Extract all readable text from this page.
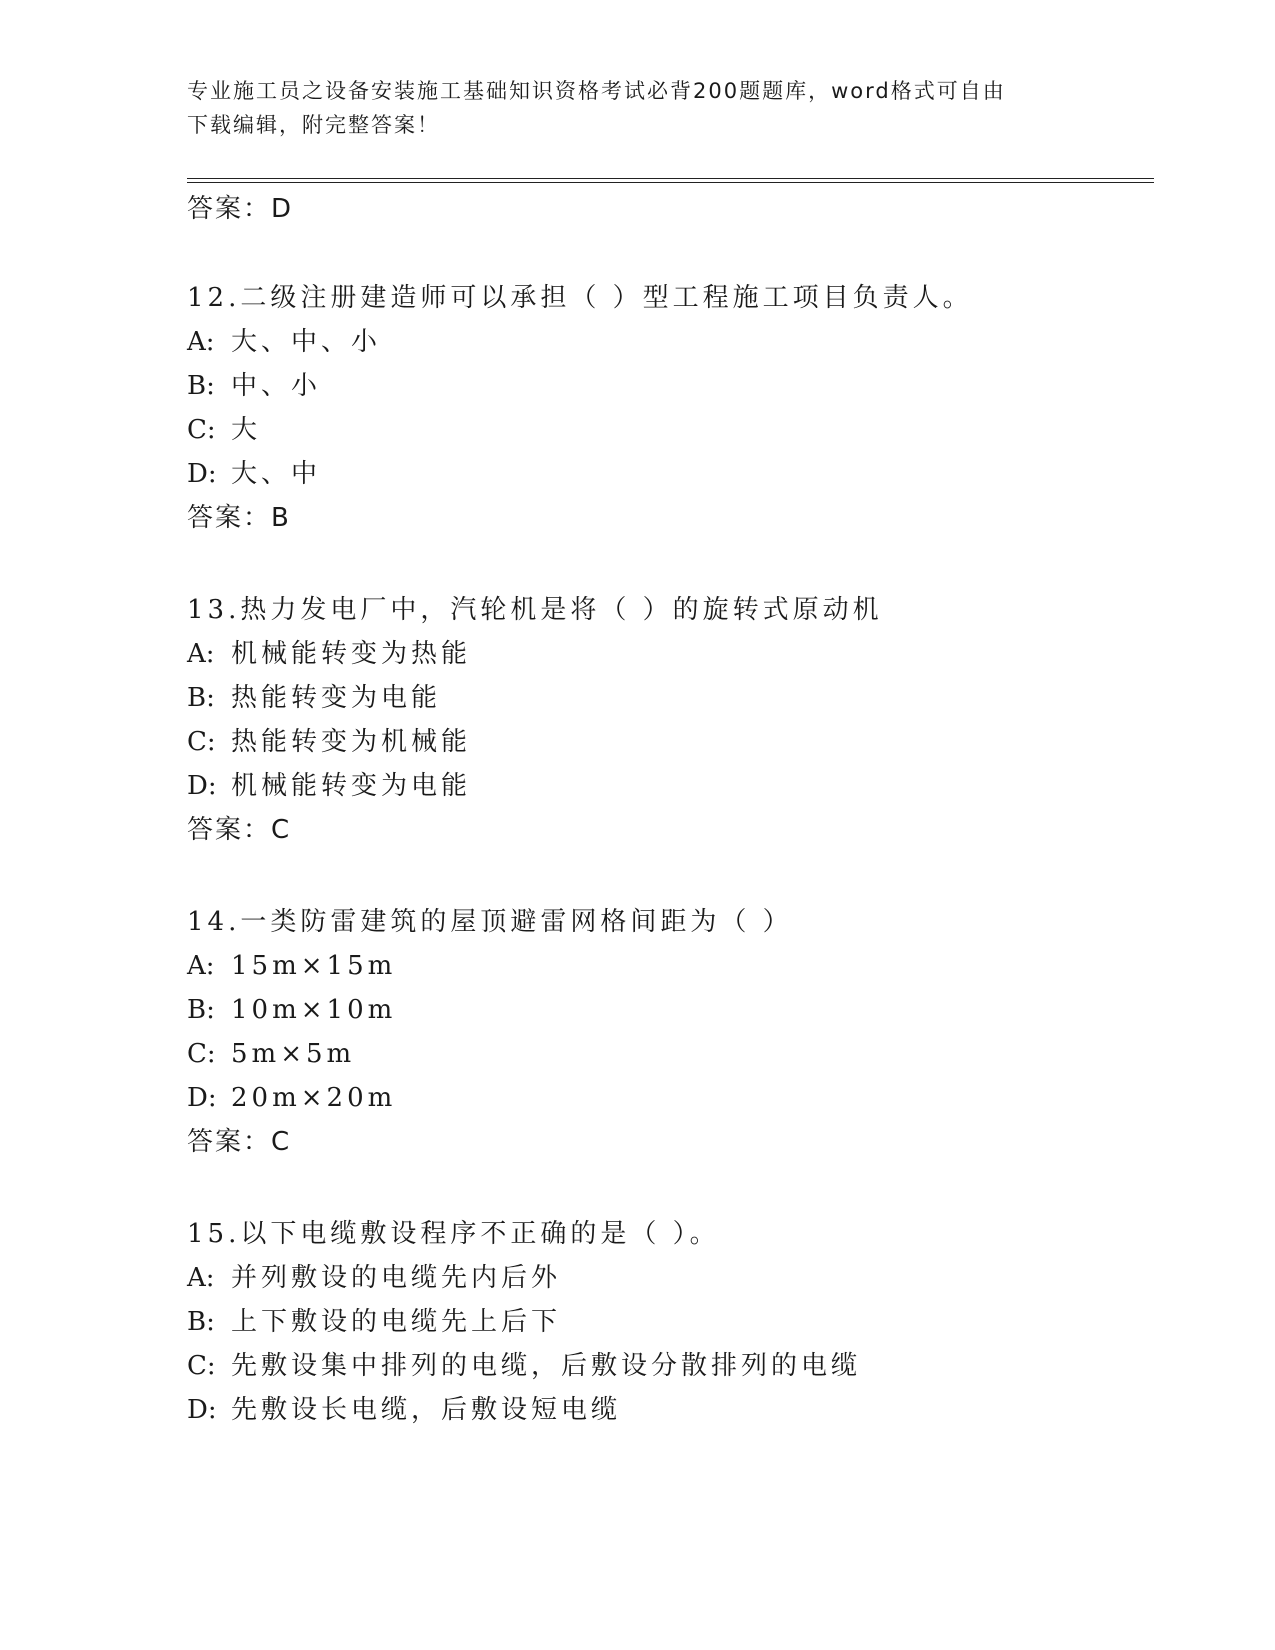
专业施工员之设备安装施工基础知识资格考试必背200题题库，word格式可自由
下载编辑，附完整答案！
答案：D
12.二级注册建造师可以承担（ ）型工程施工项目负责人。
A: 大、中、小
B: 中、小
C: 大
D: 大、中
答案：B
13.热力发电厂中，汽轮机是将（ ）的旋转式原动机
A: 机械能转变为热能
B: 热能转变为电能
C: 热能转变为机械能
D: 机械能转变为电能
答案：C
14.一类防雷建筑的屋顶避雷网格间距为（ ）
A: 15m×15m
B: 10m×10m
C: 5m×5m
D: 20m×20m
答案：C
15.以下电缆敷设程序不正确的是（ ）。
A: 并列敷设的电缆先内后外
B: 上下敷设的电缆先上后下
C: 先敷设集中排列的电缆，后敷设分散排列的电缆
D: 先敷设长电缆，后敷设短电缆
